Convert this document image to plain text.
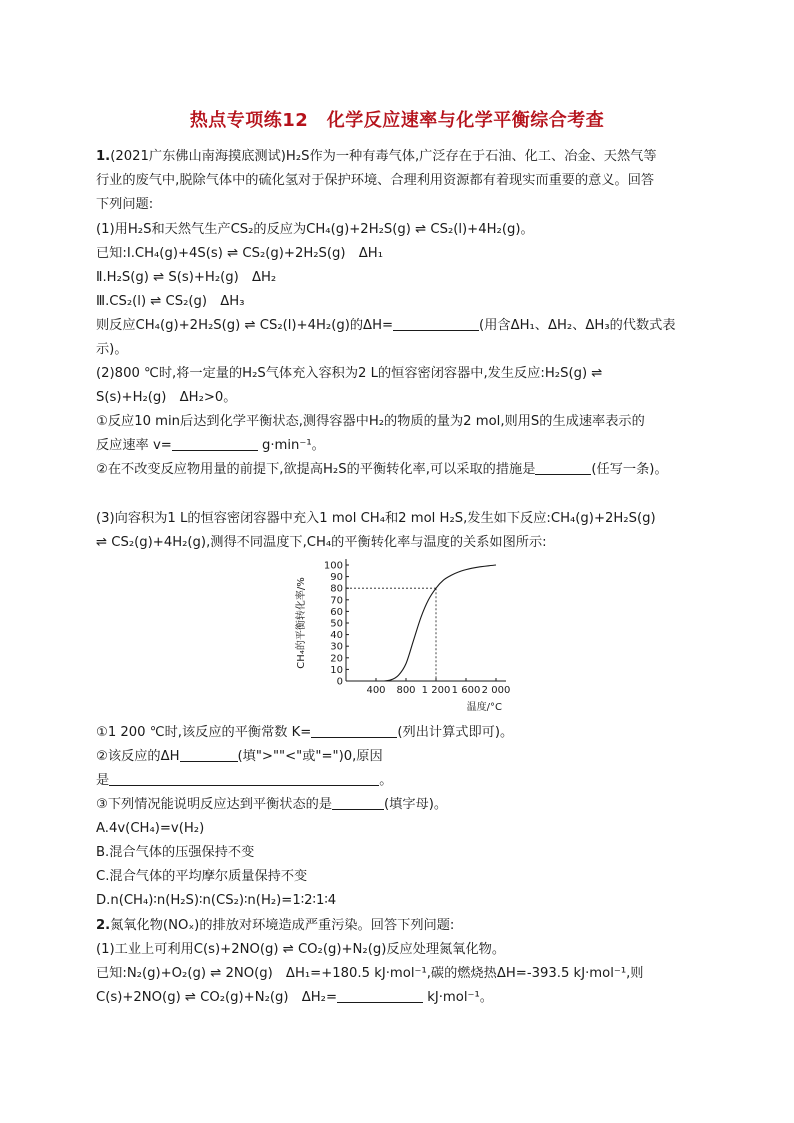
热点专项练12　化学反应速率与化学平衡综合考查
1.(2021广东佛山南海摸底测试)H₂S作为一种有毒气体,广泛存在于石油、化工、冶金、天然气等
行业的废气中,脱除气体中的硫化氢对于保护环境、合理利用资源都有着现实而重要的意义。回答
下列问题:
(1)用H₂S和天然气生产CS₂的反应为CH₄(g)+2H₂S(g) ⇌ CS₂(l)+4H₂(g)。
已知:Ⅰ.CH₄(g)+4S(s) ⇌ CS₂(g)+2H₂S(g)　ΔH₁
Ⅱ.H₂S(g) ⇌ S(s)+H₂(g)　ΔH₂
Ⅲ.CS₂(l) ⇌ CS₂(g)　ΔH₃
则反应CH₄(g)+2H₂S(g) ⇌ CS₂(l)+4H₂(g)的ΔH=	(用含ΔH₁、ΔH₂、ΔH₃的代数式表
示)。
(2)800 ℃时,将一定量的H₂S气体充入容积为2 L的恒容密闭容器中,发生反应:H₂S(g) ⇌
S(s)+H₂(g)　ΔH₂>0。
①反应10 min后达到化学平衡状态,测得容器中H₂的物质的量为2 mol,则用S的生成速率表示的
反应速率 v=	g·min⁻¹。
②在不改变反应物用量的前提下,欲提高H₂S的平衡转化率,可以采取的措施是	(任写一条)。
(3)向容积为1 L的恒容密闭容器中充入1 mol CH₄和2 mol H₂S,发生如下反应:CH₄(g)+2H₂S(g)
⇌ CS₂(g)+4H₂(g),测得不同温度下,CH₄的平衡转化率与温度的关系如图所示:
0
10
20
30
40
50
60
70
80
90
100
400 800 1 200 1 600 2 000
温度/°C
CH₄的平衡转化率/%
①1 200 ℃时,该反应的平衡常数 K=	(列出计算式即可)。
②该反应的ΔH	(填">""<"或"=")0,原因
是	。
③下列情况能说明反应达到平衡状态的是	(填字母)。
A.4v(CH₄)=v(H₂)
B.混合气体的压强保持不变
C.混合气体的平均摩尔质量保持不变
D.n(CH₄)∶n(H₂S)∶n(CS₂)∶n(H₂)=1∶2∶1∶4
2.氮氧化物(NOₓ)的排放对环境造成严重污染。回答下列问题:
(1)工业上可利用C(s)+2NO(g) ⇌ CO₂(g)+N₂(g)反应处理氮氧化物。
已知:N₂(g)+O₂(g) ⇌ 2NO(g)　ΔH₁=+180.5 kJ·mol⁻¹,碳的燃烧热ΔH=-393.5 kJ·mol⁻¹,则
C(s)+2NO(g) ⇌ CO₂(g)+N₂(g)　ΔH₂=	kJ·mol⁻¹。
